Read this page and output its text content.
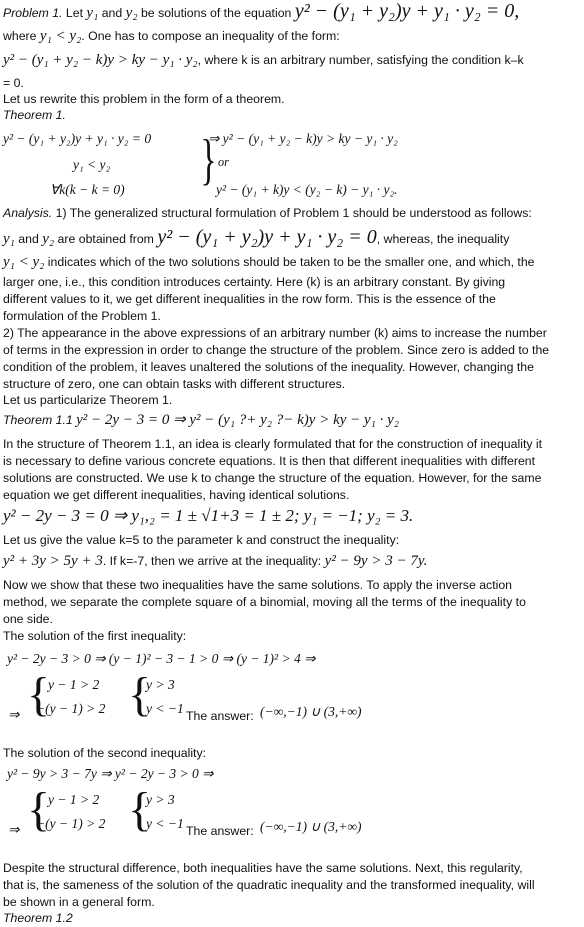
Problem 1. Let y₁ and y₂ be solutions of the equation y² − (y₁ + y₂)y + y₁ · y₂ = 0,
where y₁ < y₂. One has to compose an inequality of the form:
y² − (y₁ + y₂ − k)y > ky − y₁ · y₂, where k is an arbitrary number, satisfying the condition k–k
= 0.
Let us rewrite this problem in the form of a theorem.
Theorem 1.
y² − (y₁ + y₂)y + y₁ · y₂ = 0
y₁ < y₂
∀k(k − k = 0) }
⇒ y² − (y₁ + y₂ − k)y > ky − y₁ · y₂
or
y² − (y₁ + k)y < (y₂ − k) − y₁ · y₂.
Analysis. 1) The generalized structural formulation of Problem 1 should be understood as follows:
y₁ and y₂ are obtained from y² − (y₁ + y₂)y + y₁ · y₂ = 0, whereas, the inequality
y₁ < y₂ indicates which of the two solutions should be taken to be the smaller one, and which, the
larger one, i.e., this condition introduces certainty. Here (k) is an arbitrary constant. By giving
different values to it, we get different inequalities in the row form. This is the essence of the
formulation of the Problem 1.
2) The appearance in the above expressions of an arbitrary number (k) aims to increase the number
of terms in the expression in order to change the structure of the problem. Since zero is added to the
condition of the problem, it leaves unaltered the solutions of the inequality. However, changing the
structure of zero, one can obtain tasks with different structures.
Let us particularize Theorem 1.
Theorem 1.1 y² − 2y − 3 = 0 ⇒ y² − (y₁ ?+ y₂ ?− k)y > ky − y₁ · y₂
In the structure of Theorem 1.1, an idea is clearly formulated that for the construction of inequality it
is necessary to define various concrete equations. It is then that different inequalities with different
solutions are constructed. We use k to change the structure of the equation. However, for the same
equation we get different inequalities, having identical solutions.
y² − 2y − 3 = 0 ⇒ y₁,₂ = 1 ± √1+3 = 1 ± 2; y₁ = −1; y₂ = 3.
Let us give the value k=5 to the parameter k and construct the inequality:
y² + 3y > 5y + 3. If k=-7, then we arrive at the inequality: y² − 9y > 3 − 7y.
Now we show that these two inequalities have the same solutions. To apply the inverse action
method, we separate the complete square of a binomial, moving all the terms of the inequality to
one side.
The solution of the first inequality:
y² − 2y − 3 > 0 ⇒ (y − 1)² − 3 − 1 > 0 ⇒ (y − 1)² > 4 ⇒
{
y − 1 > 2
−(y − 1) > 2 {
y > 3
y < −1
⇒	The answer: (−∞,−1) ∪ (3,+∞)
The solution of the second inequality:
y² − 9y > 3 − 7y ⇒ y² − 2y − 3 > 0 ⇒
{
y − 1 > 2
−(y − 1) > 2 {
y > 3
y < −1
⇒	The answer: (−∞,−1) ∪ (3,+∞)
Despite the structural difference, both inequalities have the same solutions. Next, this regularity,
that is, the sameness of the solution of the quadratic inequality and the transformed inequality, will
be shown in a general form.
Theorem 1.2
